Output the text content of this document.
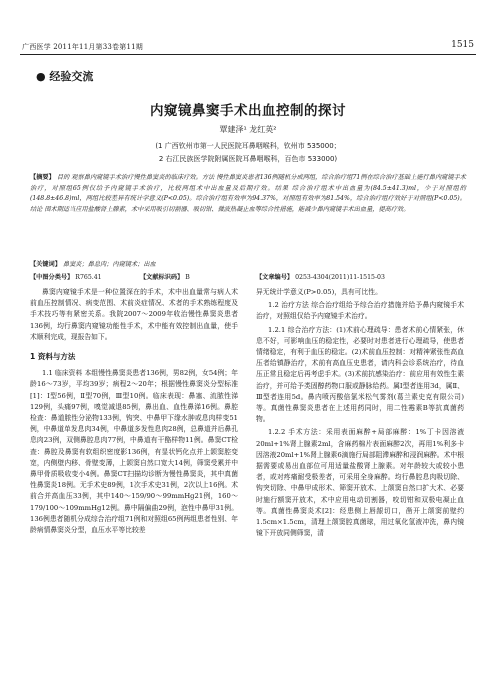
广西医学 2011年11月第33卷第11期	1515
● 经验交流
内窥镜鼻窦手术出血控制的探讨
覃建泽¹ 龙红英²
(1 广西钦州市第一人民医院耳鼻咽喉科，钦州市 535000；
2 右江民族医学院附属医院耳鼻咽喉科，百色市 533000)
【摘要】 目的 观察鼻内窥镜手术治疗慢性鼻窦炎的临床疗效。方法 慢性鼻窦炎患者136例随机分成两组，综合治疗组71例在综合治疗基础上施行鼻内窥镜手术治疗，对照组65例仅给予内窥镜手术治疗，比较两组术中出血量及后期疗效。结果 综合治疗组术中出血量为(84.5±41.3)ml，少于对照组的(148.8±46.8)ml，两组比较差异有统计学意义(P<0.05)。综合治疗组有效率为94.37%，对照组有效率为81.54%，综合治疗组疗效好于对照组(P<0.05)。结论 围术期适当应用盐酸肾上腺素，术中采用吸引切割器、吸切钳、微波热凝止血等综合性措施，能减少鼻内窥镜手术出血量，提高疗效。
【关键词】 鼻窦炎；鼻息肉；内窥镜术；出血
【中图分类号】 R765.41	【文献标识码】 B	【文章编号】 0253-4304(2011)11-1515-03

鼻窦内窥镜手术是一种位置深在的手术，术中出血量常与病人术前血压控制情况、病变范围、术前炎症情况、术者的手术熟练程度及手术技巧等有紧密关系。我院2007～2009年收治慢性鼻窦炎患者136例，均行鼻窦内窥镜功能性手术，术中能有效控制出血量，使手术顺利完成，现报告如下。

1 资料与方法

1.1 临床资料 本组慢性鼻窦炎患者136例，男82例，女54例；年龄16～73岁，平均39岁；病程2～20年；根据慢性鼻窦炎分型标准[1]：Ⅰ型56例，Ⅱ型70例，Ⅲ型10例。临床表现：鼻塞、流脓性涕129例，头痛97例，嗅觉减退85例，鼻出血、血性鼻涕16例。鼻腔检查：鼻道脓性分泌物133例，钩突、中鼻甲下缘水肿或息肉样变51例，中鼻道单发息肉34例，中鼻道多发性息肉28例，总鼻道并后鼻孔息肉23例，双侧鼻腔息肉77例，中鼻道有干酪样物11例。鼻窦CT检查：鼻腔及鼻窦有软组织密度影136例，有显状钙化点并上颌窦腔变宽，内侧壁内移、骨壁变薄，上颌窦自然口宽大14例，筛窦受累并中鼻甲骨质吸收变小4例。鼻窦CT扫描均诊断为慢性鼻窦炎，其中真菌性鼻窦炎18例。无手术史89例，1次手术史31例，2次以上16例。术前合并高血压33例，其中140～159/90～99mmHg21例，160～179/100～109mmHg12例。鼻中隔偏曲29例，泡性中鼻甲31例。136例患者随机分成综合治疗组71例和对照组65例两组患者性别、年龄病情鼻窦炎分型，血压水平等比较差

异无统计学意义(P>0.05)，具有可比性。

1.2 治疗方法 综合治疗组给予综合治疗措施并给予鼻内窥镜手术治疗，对照组仅给予内窥镜手术治疗。

1.2.1 综合治疗方法：(1)术前心理疏导：患者术前心情紧张，休息不好，可影响血压的稳定性，必要时对患者进行心理疏导，使患者情绪稳定，有利于血压的稳定。(2)术前血压控制：对精神紧张性高血压者给镇静治疗，术前有高血压史患者，请内科会诊系统治疗，待血压正常且稳定后再考虑手术。(3)术前抗感染治疗：前应用有效性生素治疗，并可给予类固醇药物口服或静脉给药。属Ⅰ型者连用3d，属Ⅱ、Ⅲ型者连用5d。鼻内喷丙酸倍氯米松气雾剂(葛兰素史克有限公司)等。真菌性鼻窦炎患者在上述用药同时，用二性霉素B等抗真菌药物。

1.2.2 手术方法：采用表面麻醉+局部麻醉：1%丁卡因溶液20ml+1%肾上腺素2ml，含麻药棉片表面麻醉2次，再用1%利多卡因溶液20ml+1%肾上腺素6滴施行局部阻滞麻醉和浸润麻醉。术中根据需要或易出血部位可用适量盐酸肾上腺素。对年龄较大或较小患者，或对疼痛耐受极差者，可采用全身麻醉。均行鼻腔息肉吸切除、钩突切除、中鼻甲成形术、筛窦开放术、上颌窦自然口扩大术、必要时施行额窦开放术，术中应用电动切割器，咬切钳和双极电凝止血等。真菌性鼻窦炎术[2]：经患侧上唇龈切口，凿开上颌窦前壁约1.5cm×1.5cm，清理上颌窦腔真菌球，用过氧化氢液冲洗，鼻内镜镜下开放同侧筛窦，清
